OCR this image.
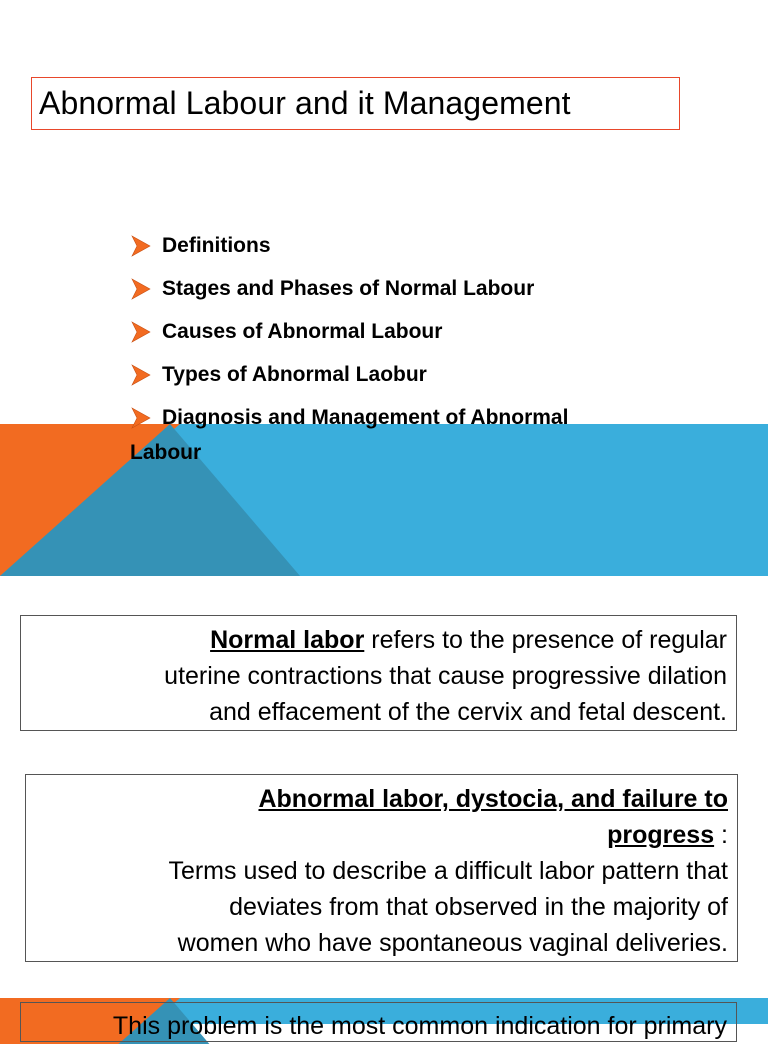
Abnormal Labour and it Management
Definitions
Stages and Phases of Normal Labour
Causes of Abnormal Labour
Types of Abnormal Laobur
Diagnosis and Management of Abnormal
Labour
Normal labor refers to the presence of regular
uterine contractions that cause progressive dilation
and effacement of the cervix and fetal descent.
Abnormal labor, dystocia, and failure to
progress :
Terms used to describe a difficult labor pattern that
deviates from that observed in the majority of
women who have spontaneous vaginal deliveries.
This problem is the most common indication for primary
